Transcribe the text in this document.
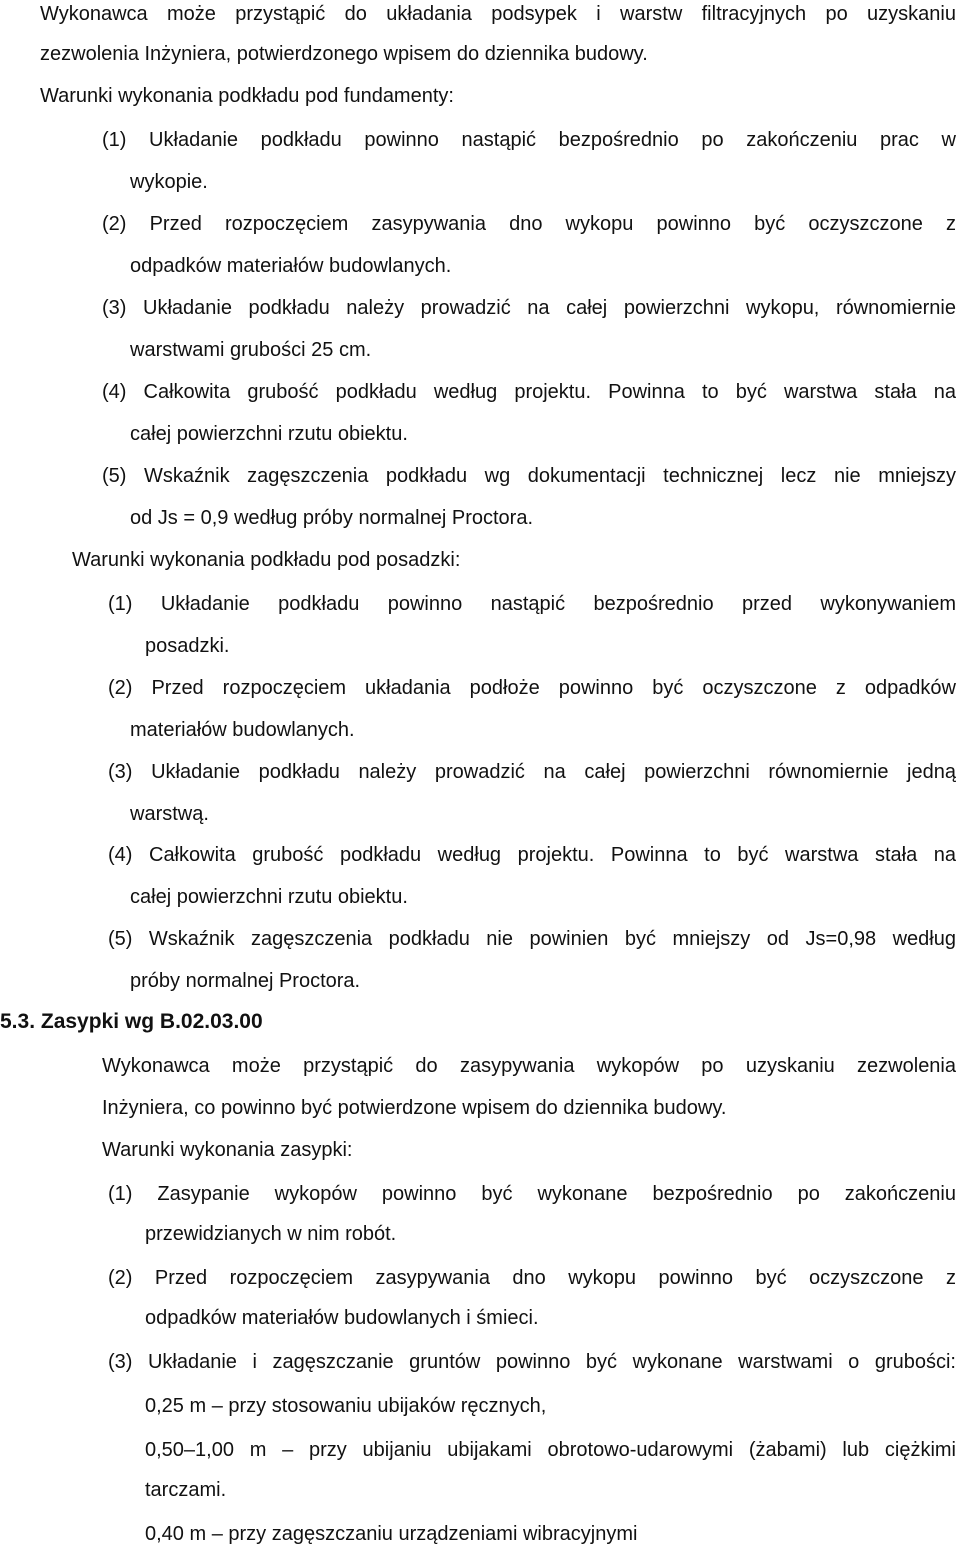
Wykonawca może przystąpić do układania podsypek i warstw filtracyjnych po uzyskaniu
zezwolenia Inżyniera, potwierdzonego wpisem do dziennika budowy.
Warunki wykonania podkładu pod fundamenty:
(1) Układanie podkładu powinno nastąpić bezpośrednio po zakończeniu prac w
wykopie.
(2) Przed rozpoczęciem zasypywania dno wykopu powinno być oczyszczone z
odpadków materiałów budowlanych.
(3) Układanie podkładu należy prowadzić na całej powierzchni wykopu, równomiernie
warstwami grubości 25 cm.
(4) Całkowita grubość podkładu według projektu. Powinna to być warstwa stała na
całej powierzchni rzutu obiektu.
(5) Wskaźnik zagęszczenia podkładu wg dokumentacji technicznej lecz nie mniejszy
od Js = 0,9 według próby normalnej Proctora.
Warunki wykonania podkładu pod posadzki:
(1) Układanie podkładu powinno nastąpić bezpośrednio przed wykonywaniem
posadzki.
(2) Przed rozpoczęciem układania podłoże powinno być oczyszczone z odpadków
materiałów budowlanych.
(3) Układanie podkładu należy prowadzić na całej powierzchni równomiernie jedną
warstwą.
(4) Całkowita grubość podkładu według projektu. Powinna to być warstwa stała na
całej powierzchni rzutu obiektu.
(5) Wskaźnik zagęszczenia podkładu nie powinien być mniejszy od Js=0,98 według
próby normalnej Proctora.
5.3. Zasypki wg B.02.03.00
Wykonawca może przystąpić do zasypywania wykopów po uzyskaniu zezwolenia
Inżyniera, co powinno być potwierdzone wpisem do dziennika budowy.
Warunki wykonania zasypki:
(1) Zasypanie wykopów powinno być wykonane bezpośrednio po zakończeniu
przewidzianych w nim robót.
(2) Przed rozpoczęciem zasypywania dno wykopu powinno być oczyszczone z
odpadków materiałów budowlanych i śmieci.
(3) Układanie i zagęszczanie gruntów powinno być wykonane warstwami o grubości:
0,25 m – przy stosowaniu ubijaków ręcznych,
0,50–1,00 m – przy ubijaniu ubijakami obrotowo-udarowymi (żabami) lub ciężkimi
tarczami.
0,40 m – przy zagęszczaniu urządzeniami wibracyjnymi
